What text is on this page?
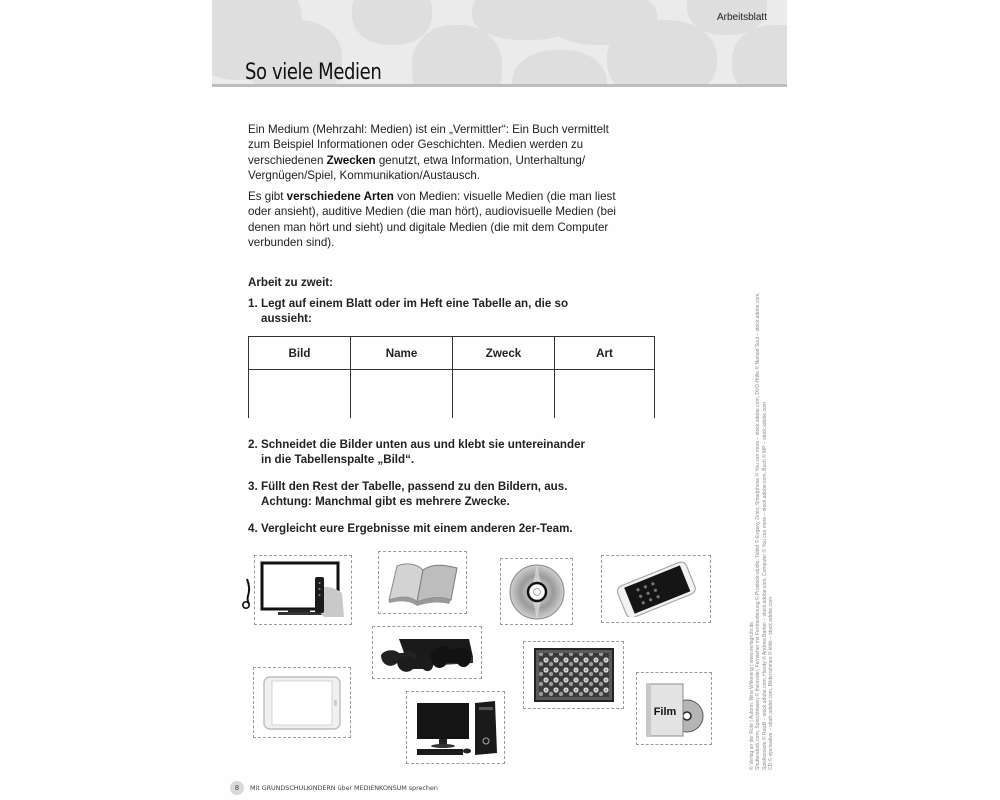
Arbeitsblatt
So viele Medien

Ein Medium (Mehrzahl: Medien) ist ein „Vermittler“: Ein Buch vermittelt zum Beispiel Informationen oder Geschichten. Medien werden zu verschiedenen Zwecken genutzt, etwa Information, Unterhaltung/ Vergnügen/Spiel, Kommunikation/Austausch.

Es gibt verschiedene Arten von Medien: visuelle Medien (die man liest oder ansieht), auditive Medien (die man hört), audiovisuelle Medien (bei denen man hört und sieht) und digitale Medien (die mit dem Computer verbunden sind).

Arbeit zu zweit:
1. Legt auf einem Blatt oder im Heft eine Tabelle an, die so
aussieht:
Bild	Name	Zweck	Art
2. Schneidet die Bilder unten aus und klebt sie untereinander
in die Tabellenspalte „Bild“.
3. Füllt den Rest der Tabelle, passend zu den Bildern, aus.
Achtung: Manchmal gibt es mehrere Zwecke.
4. Vergleicht eure Ergebnisse mit einem anderen 2er-Team.
Film
8	Mit GRUNDSCHULKINDERN über MEDIENKONSUM sprechen
© Verlag an der Ruhr | Autorin: Nina Wilkening | www.verlagruhr.de Shutterstock.com, Sprechblasen © theinsider, Fernseher mit Fernbedienung © Prostock-studio, Tablet © Evgeny Zimin, Smartphone © You can more – stock.adobe.com, DVD-Hülle © Nomad Soul – stock.adobe.com, Spielkonsole © RawB – stock.adobe.com, Handy © Andrew Barker – stock.adobe.com, Computer © You can more – stock.adobe.com, Buch © MP – stock.adobe.com CD © vipcreative – stock.adobe.com, Bilderrahmen © klikk – stock.adobe.com
